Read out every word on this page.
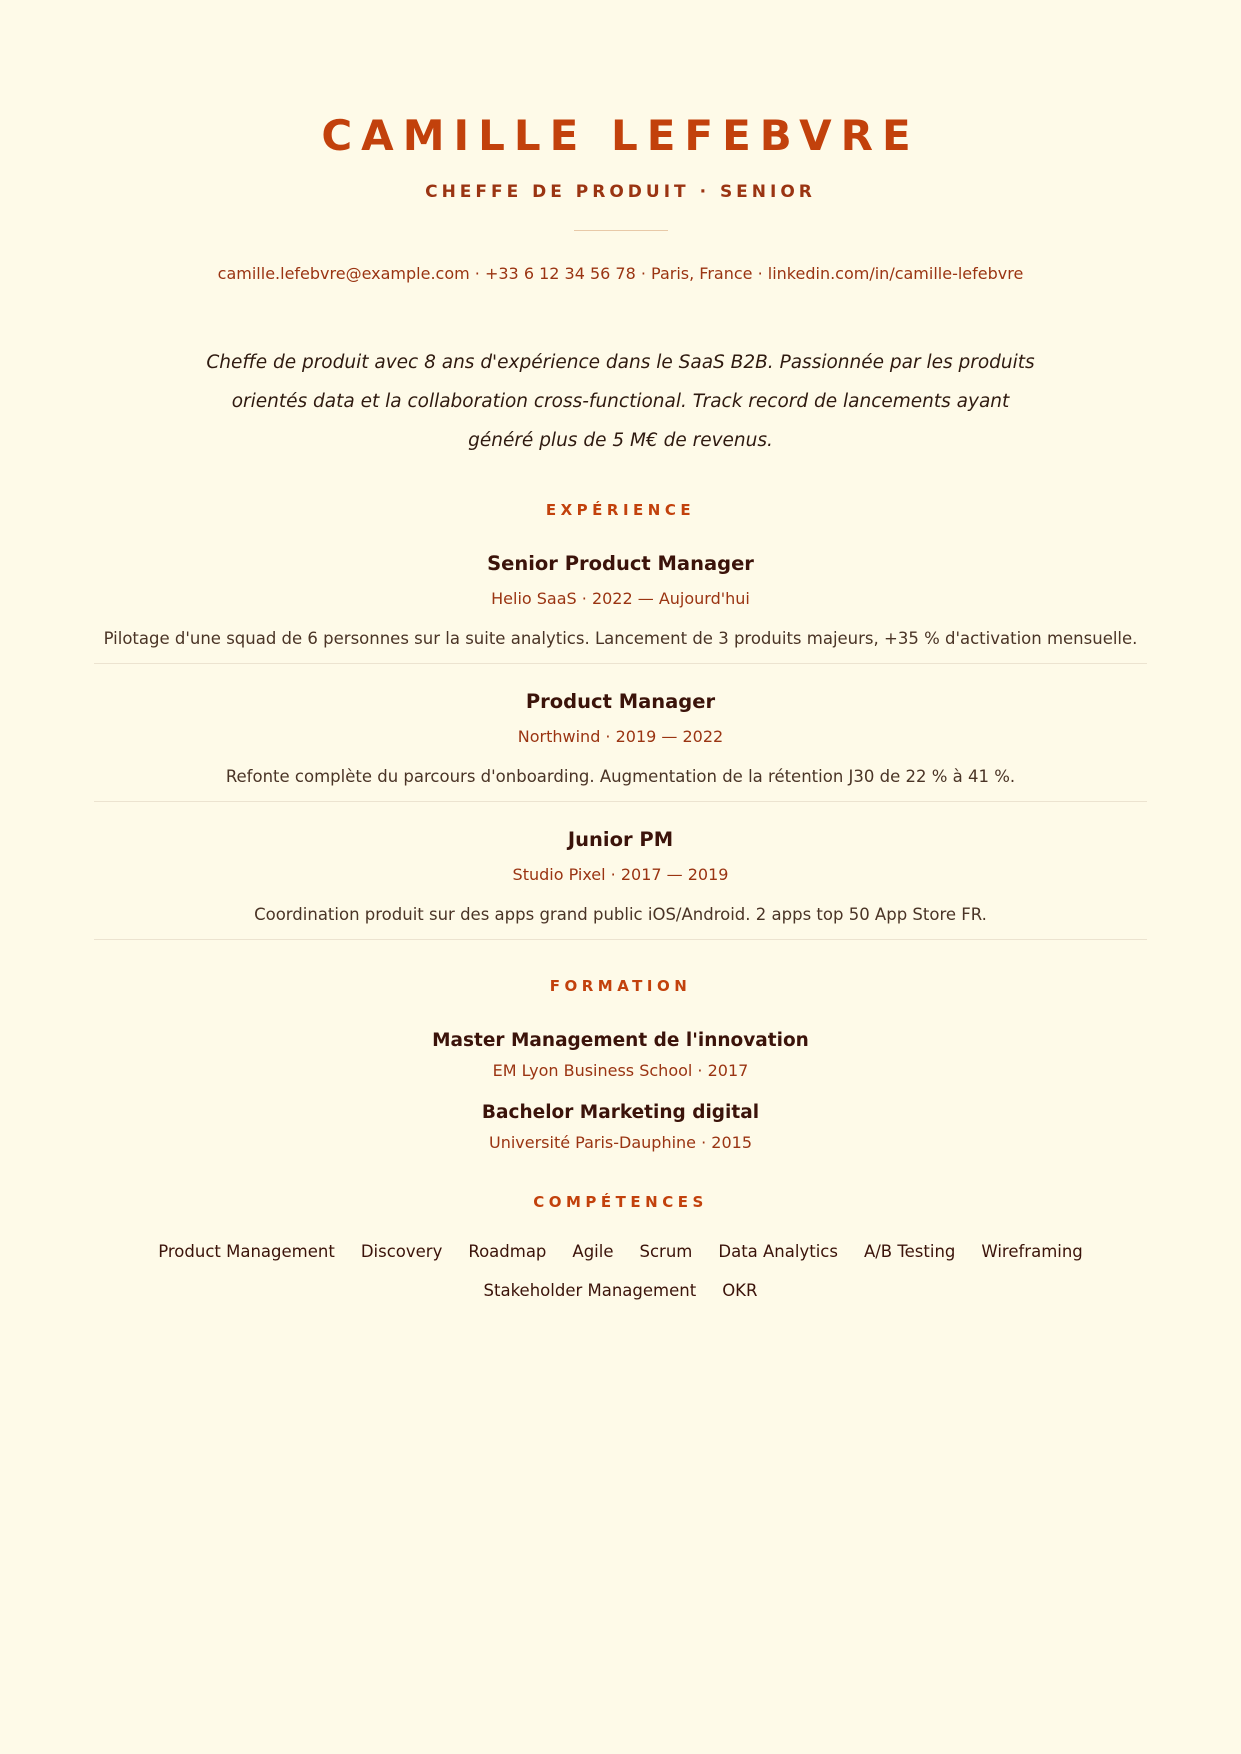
CAMILLE LEFEBVRE
CHEFFE DE PRODUIT · SENIOR
camille.lefebvre@example.com · +33 6 12 34 56 78 · Paris, France · linkedin.com/in/camille-lefebvre

Cheffe de produit avec 8 ans d'expérience dans le SaaS B2B. Passionnée par les produits orientés data et la collaboration cross-functional. Track record de lancements ayant généré plus de 5 M€ de revenus.

EXPÉRIENCE
Senior Product Manager
Helio SaaS · 2022 — Aujourd'hui
Pilotage d'une squad de 6 personnes sur la suite analytics. Lancement de 3 produits majeurs, +35 % d'activation mensuelle.
Product Manager
Northwind · 2019 — 2022
Refonte complète du parcours d'onboarding. Augmentation de la rétention J30 de 22 % à 41 %.
Junior PM
Studio Pixel · 2017 — 2019
Coordination produit sur des apps grand public iOS/Android. 2 apps top 50 App Store FR.
FORMATION
Master Management de l'innovation
EM Lyon Business School · 2017
Bachelor Marketing digital
Université Paris-Dauphine · 2015
COMPÉTENCES
Product Management Discovery Roadmap Agile Scrum Data Analytics A/B Testing WireframingStakeholder Management OKR
